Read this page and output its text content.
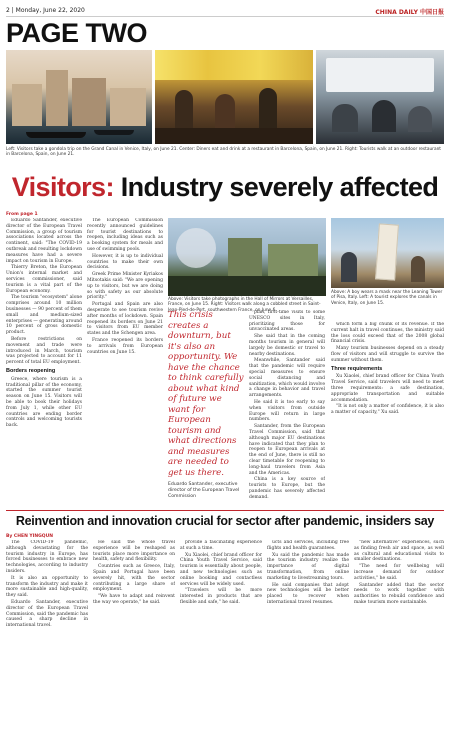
2 | Monday, June 22, 2020	CHINA DAILY 中国日报
PAGE TWO
Left: Visitors take a gondola trip on the Grand Canal in Venice, Italy, on June 21. Center: Diners eat and drink at a restaurant in Barcelona, Spain, on June 21. Right: Tourists walk at an outdoor restaurant in Barcelona, Spain, on June 21.
Visitors: Industry severely affected
From page 1

Eduardo Santander, executive director of the European Travel Commission, a group of tourism associations located across the continent, said: "The COVID-19 outbreak and resulting lockdown measures have had a severe impact on tourism in Europe.

Thierry Breton, the European Union's internal market and services commissioner, said tourism is a vital part of the European economy.

The tourism "ecosystem" alone comprises around 10 million businesses — 90 percent of them small and medium-sized enterprises — generating around 10 percent of gross domestic product.

Before restrictions on movement and trade were introduced in March, tourism was projected to account for 11 percent of total EU employment.

Borders reopening

Greece, where tourism is a traditional pillar of the economy, started the summer tourist season on June 15. Visitors will be able to book their holidays from July 1, while other EU countries are ending border controls and welcoming tourists back.

The European Commission recently announced guidelines for tourist destinations to reopen, including ideas such as a booking system for meals and use of swimming pools.

However, it is up to individual countries to make their own decisions.

Greek Prime Minister Kyriakos Mitsotakis said: "We are opening up to visitors, but we are doing so with safety as our absolute priority."

Portugal and Spain are also desperate to see tourism revive after months of lockdown. Spain reopened its borders on June 21 to visitors from EU member states and the Schengen area.

France reopened its borders to arrivals from European countries on June 15.

Above: Visitors take photographs in the Hall of Mirrors at Versailles, France, on June 15. Right: Visitors walk along a cobbled street in Saint-Jean-Pied-de-Port, southwestern France, on June 6.
Above: A boy wears a mask near the Leaning Tower of Pisa, Italy. Left: A tourist explores the canals in Venice, Italy, on June 15.
This crisis creates a downturn, but it's also an opportunity. We have the chance to think carefully about what kind of future we want for European tourism and what directions and measures are needed to get us there.
Eduardo Santander, executive director of the European Travel Commission

plan, first-time visits to some UNESCO sites in Italy, prioritizing those for unvaccinated areas.

She said that in the coming months tourism in general will largely be domestic or travel to nearby destinations.

Meanwhile, Santander said that the pandemic will require special measures to ensure social distancing and sanitization, which would involve a change in behavior and travel arrangements.

He said it is too early to say when visitors from outside Europe will return in large numbers.

Santander, from the European Travel Commission, said that although major EU destinations have indicated that they plan to reopen to European arrivals at the end of June, there is still no clear timetable for reopening to long-haul travelers from Asia and the Americas.

China is a key source of tourists to Europe, but the pandemic has severely affected demand.

which form a big chunk of its revenue. If the current halt in travel continues, the ministry said the loss could exceed that of the 2008 global financial crisis.

Many tourism businesses depend on a steady flow of visitors and will struggle to survive the summer without them.

Three requirements

Xu Xiaolei, chief brand officer for China Youth Travel Service, said travelers will need to meet three requirements: a safe destination, appropriate transportation and suitable accommodation.

"It is not only a matter of confidence, it is also a matter of capacity," Xu said.

Reinvention and innovation crucial for sector after pandemic, insiders say
By CHEN YINGQUN

The COVID-19 pandemic, although devastating for the tourism industry in Europe, has forced businesses to embrace new technologies, according to industry insiders.

It is also an opportunity to transform the industry and make it more sustainable and high-quality, they said.

Eduardo Santander, executive director of the European Travel Commission, said the pandemic has caused a sharp decline in international travel.

He said the whole travel experience will be reshaped as tourists place more importance on health, safety and flexibility.

Countries such as Greece, Italy, Spain and Portugal have been severely hit, with the sector contributing a large share of employment.

"We have to adapt and reinvent the way we operate," he said.

provide a fascinating experience at such a time.

Xu Xiaolei, chief brand officer for China Youth Travel Service, said tourism is essentially about people, and new technologies such as online booking and contactless services will be widely used.

"Travelers will be more interested in products that are flexible and safe," he said.

ucts and services, including free flights and health guarantees.

Xu said the pandemic has made the tourism industry realize the importance of digital transformation, from online marketing to livestreaming tours.

He said companies that adopt new technologies will be better placed to recover when international travel resumes.

"new alternative" experiences, such as finding fresh air and space, as well as cultural and educational visits to smaller destinations.

"The need for wellbeing will increase demand for outdoor activities," he said.

Santander added that the sector needs to work together with authorities to rebuild confidence and make tourism more sustainable.
